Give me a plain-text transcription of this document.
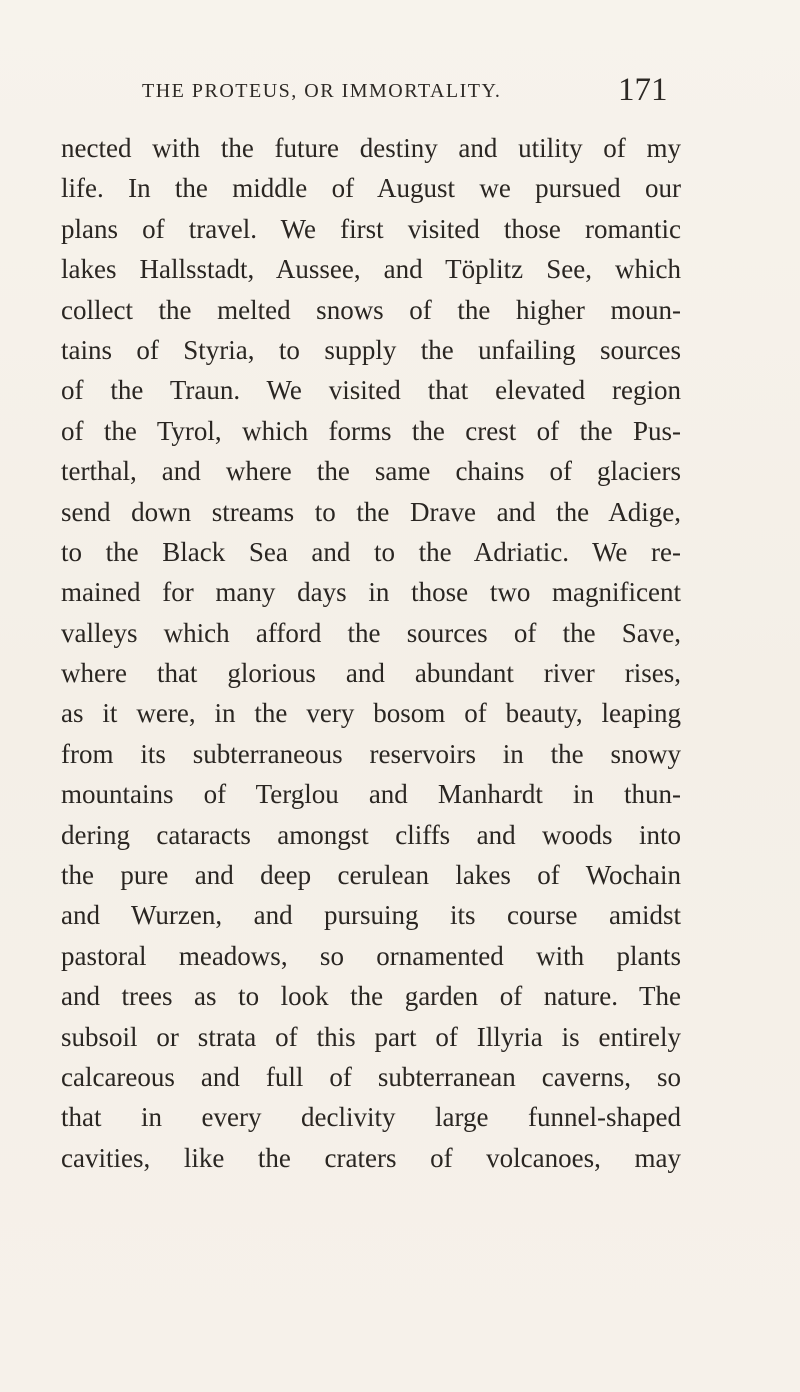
THE PROTEUS, OR IMMORTALITY.	171
nected with the future destiny and utility of my
life. In the middle of August we pursued our
plans of travel. We first visited those romantic
lakes Hallsstadt, Aussee, and Töplitz See, which
collect the melted snows of the higher moun-
tains of Styria, to supply the unfailing sources
of the Traun. We visited that elevated region
of the Tyrol, which forms the crest of the Pus-
terthal, and where the same chains of glaciers
send down streams to the Drave and the Adige,
to the Black Sea and to the Adriatic. We re-
mained for many days in those two magnificent
valleys which afford the sources of the Save,
where that glorious and abundant river rises,
as it were, in the very bosom of beauty, leaping
from its subterraneous reservoirs in the snowy
mountains of Terglou and Manhardt in thun-
dering cataracts amongst cliffs and woods into
the pure and deep cerulean lakes of Wochain
and Wurzen, and pursuing its course amidst
pastoral meadows, so ornamented with plants
and trees as to look the garden of nature. The
subsoil or strata of this part of Illyria is entirely
calcareous and full of subterranean caverns, so
that in every declivity large funnel-shaped
cavities, like the craters of volcanoes, may
